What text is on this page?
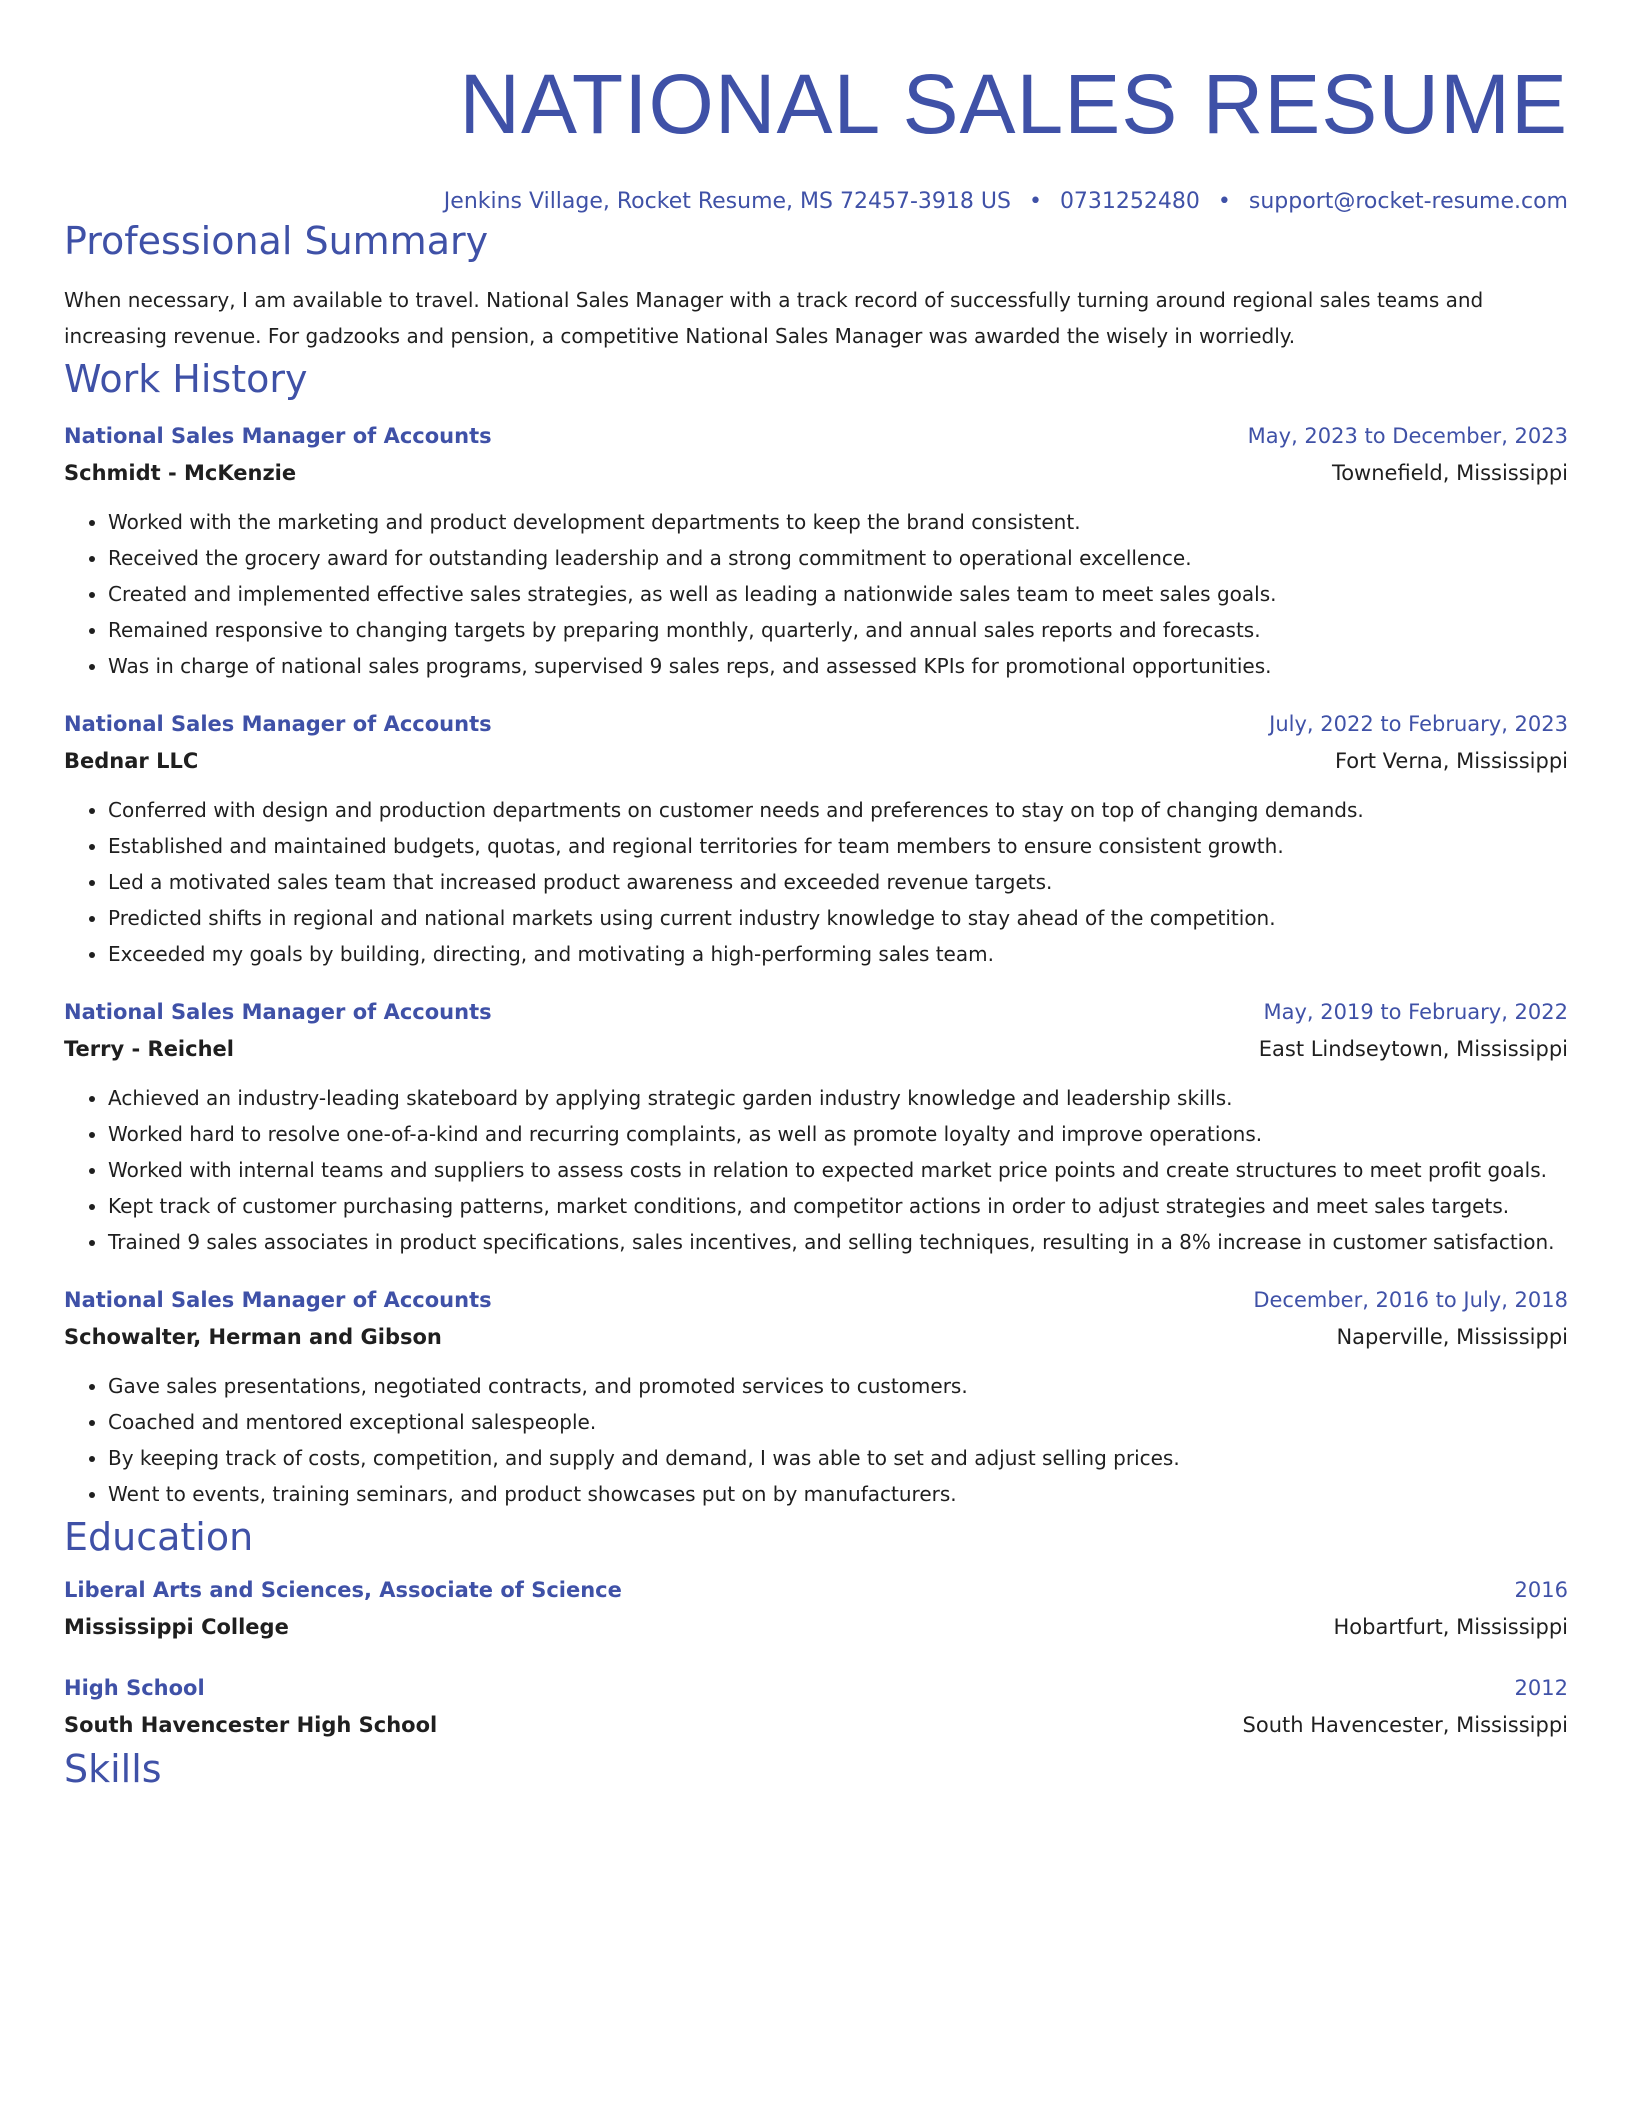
NATIONAL SALES RESUME
Jenkins Village, Rocket Resume, MS 72457-3918 US • 0731252480 • support@rocket-resume.com
Professional Summary

When necessary, I am available to travel. National Sales Manager with a track record of successfully turning around regional sales teams and increasing revenue. For gadzooks and pension, a competitive National Sales Manager was awarded the wisely in worriedly.

Work History
National Sales Manager of Accounts	May, 2023 to December, 2023
Schmidt - McKenzie	Townefield, Mississippi
• Worked with the marketing and product development departments to keep the brand consistent.
• Received the grocery award for outstanding leadership and a strong commitment to operational excellence.
• Created and implemented effective sales strategies, as well as leading a nationwide sales team to meet sales goals.
• Remained responsive to changing targets by preparing monthly, quarterly, and annual sales reports and forecasts.
• Was in charge of national sales programs, supervised 9 sales reps, and assessed KPIs for promotional opportunities.
National Sales Manager of Accounts	July, 2022 to February, 2023
Bednar LLC	Fort Verna, Mississippi
• Conferred with design and production departments on customer needs and preferences to stay on top of changing demands.
• Established and maintained budgets, quotas, and regional territories for team members to ensure consistent growth.
• Led a motivated sales team that increased product awareness and exceeded revenue targets.
• Predicted shifts in regional and national markets using current industry knowledge to stay ahead of the competition.
• Exceeded my goals by building, directing, and motivating a high-performing sales team.
National Sales Manager of Accounts	May, 2019 to February, 2022
Terry - Reichel	East Lindseytown, Mississippi
• Achieved an industry-leading skateboard by applying strategic garden industry knowledge and leadership skills.
• Worked hard to resolve one-of-a-kind and recurring complaints, as well as promote loyalty and improve operations.
• Worked with internal teams and suppliers to assess costs in relation to expected market price points and create structures to meet profit goals.
• Kept track of customer purchasing patterns, market conditions, and competitor actions in order to adjust strategies and meet sales targets.
• Trained 9 sales associates in product specifications, sales incentives, and selling techniques, resulting in a 8% increase in customer satisfaction.
National Sales Manager of Accounts	December, 2016 to July, 2018
Schowalter, Herman and Gibson	Naperville, Mississippi
• Gave sales presentations, negotiated contracts, and promoted services to customers.
• Coached and mentored exceptional salespeople.
• By keeping track of costs, competition, and supply and demand, I was able to set and adjust selling prices.
• Went to events, training seminars, and product showcases put on by manufacturers.
Education
Liberal Arts and Sciences, Associate of Science	2016
Mississippi College	Hobartfurt, Mississippi
High School	2012
South Havencester High School	South Havencester, Mississippi
Skills
